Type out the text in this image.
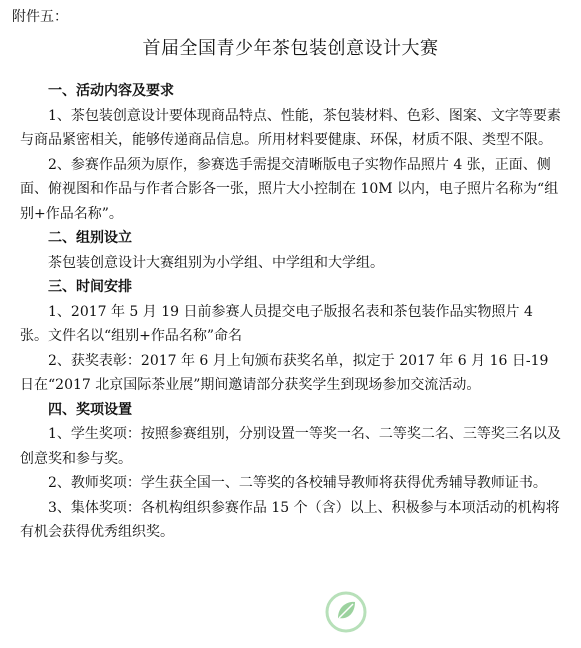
附件五：
首届全国青少年茶包装创意设计大赛

一、活动内容及要求

1、茶包装创意设计要体现商品特点、性能，茶包装材料、色彩、图案、文字等要素与商品紧密相关，能够传递商品信息。所用材料要健康、环保，材质不限、类型不限。

2、参赛作品须为原作，参赛选手需提交清晰版电子实物作品照片 4 张，正面、侧面、俯视图和作品与作者合影各一张，照片大小控制在 10M 以内，电子照片名称为“组别+作品名称”。

二、组别设立

茶包装创意设计大赛组别为小学组、中学组和大学组。

三、时间安排

1、2017 年 5 月 19 日前参赛人员提交电子版报名表和茶包装作品实物照片 4 张。文件名以“组别+作品名称”命名

2、获奖表彰：2017 年 6 月上旬颁布获奖名单，拟定于 2017 年 6 月 16 日-19 日在“2017 北京国际茶业展”期间邀请部分获奖学生到现场参加交流活动。

四、奖项设置

1、学生奖项：按照参赛组别，分别设置一等奖一名、二等奖二名、三等奖三名以及创意奖和参与奖。

2、教师奖项：学生获全国一、二等奖的各校辅导教师将获得优秀辅导教师证书。

3、集体奖项：各机构组织参赛作品 15 个（含）以上、积极参与本项活动的机构将有机会获得优秀组织奖。
